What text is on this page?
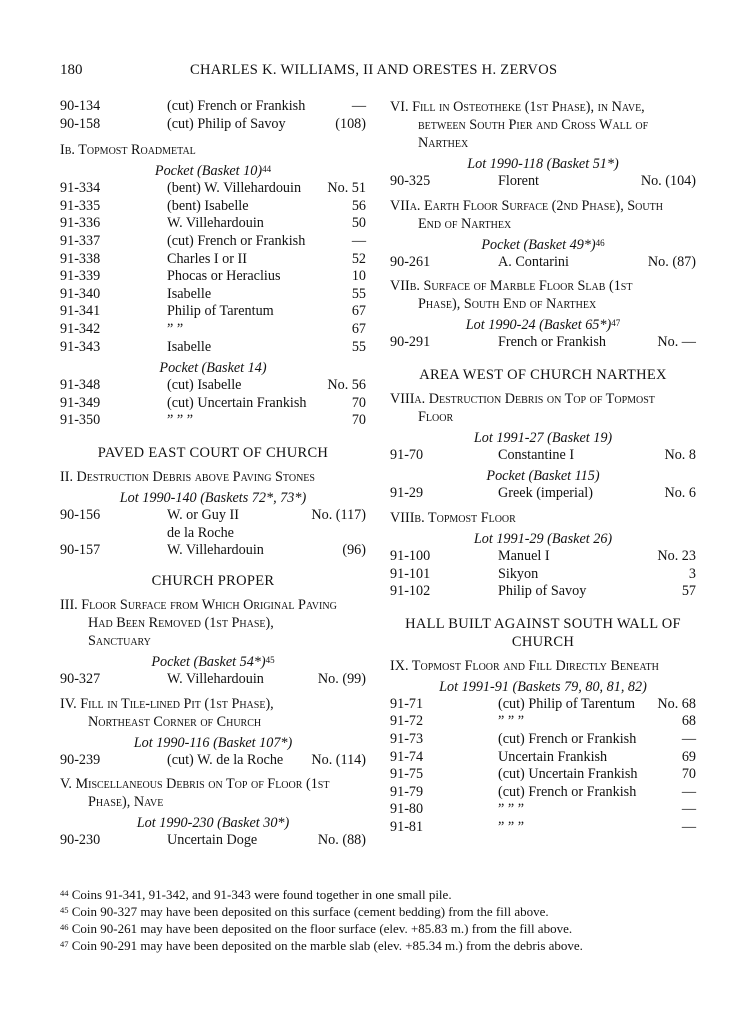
180	CHARLES K. WILLIAMS, II AND ORESTES H. ZERVOS
90-134	(cut) French or Frankish	—
90-158	(cut) Philip of Savoy	(108)
Ib. Topmost Roadmetal
Pocket (Basket 10)$^{44}$
91-334	(bent) W. Villehardouin No. 51
91-335	(bent) Isabelle	56
91-336	W. Villehardouin	50
91-337	(cut) French or Frankish	—
91-338	Charles I or II	52
91-339	Phocas or Heraclius	10
91-340	Isabelle	55
91-341	Philip of Tarentum	67
91-342	” ”	67
91-343	Isabelle	55
Pocket (Basket 14)
91-348	(cut) Isabelle	No. 56
91-349	(cut) Uncertain Frankish	70
91-350	” ” ”	70
PAVED EAST COURT OF CHURCH
II. Destruction Debris above Paving Stones
Lot 1990-140 (Baskets 72*, 73*)
90-156	W. or Guy II	No. (117)
de la Roche
90-157	W. Villehardouin	(96)
CHURCH PROPER
III. Floor Surface from Which Original Paving
Had Been Removed (1st Phase),
Sanctuary
Pocket (Basket 54*)$^{45}$
90-327	W. Villehardouin	No. (99)
IV. Fill in Tile-lined Pit (1st Phase),
Northeast Corner of Church
Lot 1990-116 (Basket 107*)
90-239	(cut) W. de la Roche No. (114)
V. Miscellaneous Debris on Top of Floor (1st
Phase), Nave
Lot 1990-230 (Basket 30*)
90-230	Uncertain Doge	No. (88)
VI. Fill in Osteotheke (1st Phase), in Nave,
between South Pier and Cross Wall of
Narthex
Lot 1990-118 (Basket 51*)
90-325	Florent	No. (104)
VIIa. Earth Floor Surface (2nd Phase), South
End of Narthex
Pocket (Basket 49*)$^{46}$
90-261	A. Contarini	No. (87)
VIIb. Surface of Marble Floor Slab (1st
Phase), South End of Narthex
Lot 1990-24 (Basket 65*)$^{47}$
90-291	French or Frankish	No. —
AREA WEST OF CHURCH NARTHEX
VIIIa. Destruction Debris on Top of Topmost
Floor
Lot 1991-27 (Basket 19)
91-70	Constantine I	No. 8
Pocket (Basket 115)
91-29	Greek (imperial)	No. 6
VIIIb. Topmost Floor
Lot 1991-29 (Basket 26)
91-100	Manuel I	No. 23
91-101	Sikyon	3
91-102	Philip of Savoy	57
HALL BUILT AGAINST SOUTH WALL OF
CHURCH
IX. Topmost Floor and Fill Directly Beneath
Lot 1991-91 (Baskets 79, 80, 81, 82)
91-71	(cut) Philip of Tarentum No. 68
91-72	” ” ”	68
91-73	(cut) French or Frankish	—
91-74	Uncertain Frankish	69
91-75	(cut) Uncertain Frankish	70
91-79	(cut) French or Frankish	—
91-80	” ” ”	—
91-81	” ” ”	—
$^{44}$ Coins 91-341, 91-342, and 91-343 were found together in one small pile.
$^{45}$ Coin 90-327 may have been deposited on this surface (cement bedding) from the fill above.
$^{46}$ Coin 90-261 may have been deposited on the floor surface (elev. +85.83 m.) from the fill above.
$^{47}$ Coin 90-291 may have been deposited on the marble slab (elev. +85.34 m.) from the debris above.
